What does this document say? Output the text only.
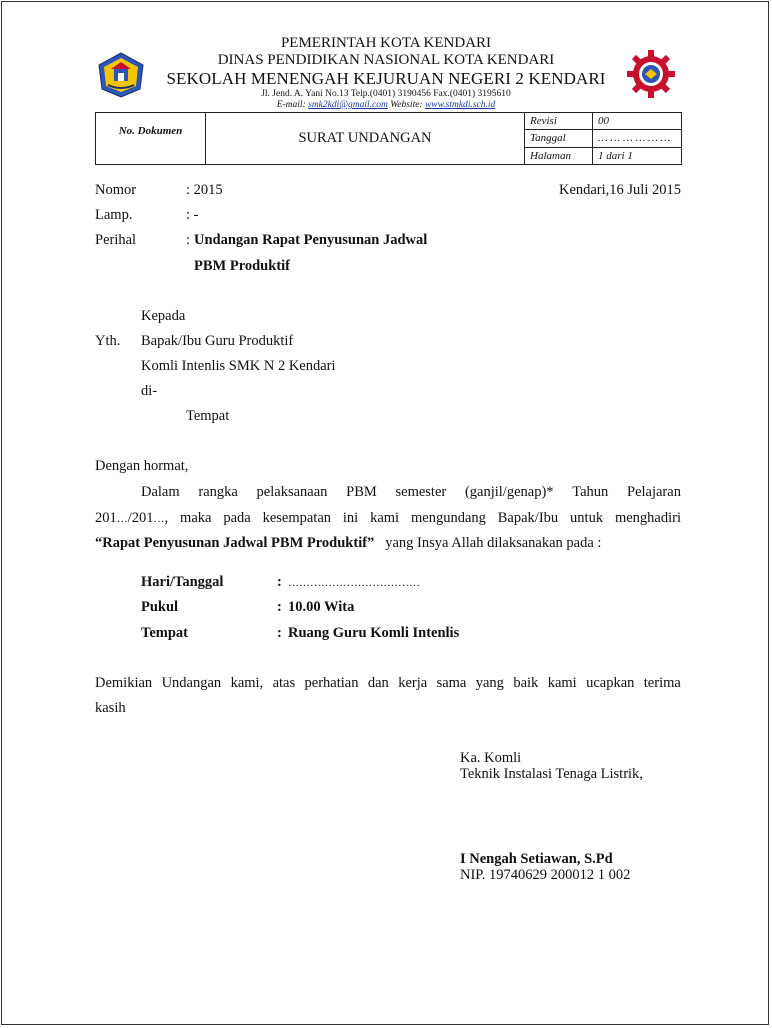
PEMERINTAH KOTA KENDARI
DINAS PENDIDIKAN NASIONAL KOTA KENDARI
SEKOLAH MENENGAH KEJURUAN NEGERI 2 KENDARI
Jl. Jend. A. Yani No.13 Telp.(0401) 3190456 Fax.(0401) 3195610
E-mail: smk2kdi@gmail.com Website: www.stmkdi.sch.id
No. Dokumen	SURAT UNDANGAN	Revisi	00
		Tanggal	… … … … … …
		Halaman	1 dari 1
Nomor	: 2015	Kendari,16 Juli 2015
Lamp.	: -
Perihal	: Undangan Rapat Penyusunan Jadwal
PBM Produktif
Kepada
Yth. Bapak/Ibu Guru Produktif
Komli Intenlis SMK N 2 Kendari
di-
Tempat
Dengan hormat,
Dalam rangka pelaksanaan PBM semester (ganjil/genap)* Tahun Pelajaran
201…/201…, maka pada kesempatan ini kami mengundang Bapak/Ibu untuk menghadiri
“Rapat Penyusunan Jadwal PBM Produktif” yang Insya Allah dilaksanakan pada :
Hari/Tanggal	: ………………………………
Pukul	: 10.00 Wita
Tempat	: Ruang Guru Komli Intenlis
Demikian Undangan kami, atas perhatian dan kerja sama yang baik kami ucapkan terima
kasih
Ka. Komli
Teknik Instalasi Tenaga Listrik,
I Nengah Setiawan, S.Pd
NIP. 19740629 200012 1 002
